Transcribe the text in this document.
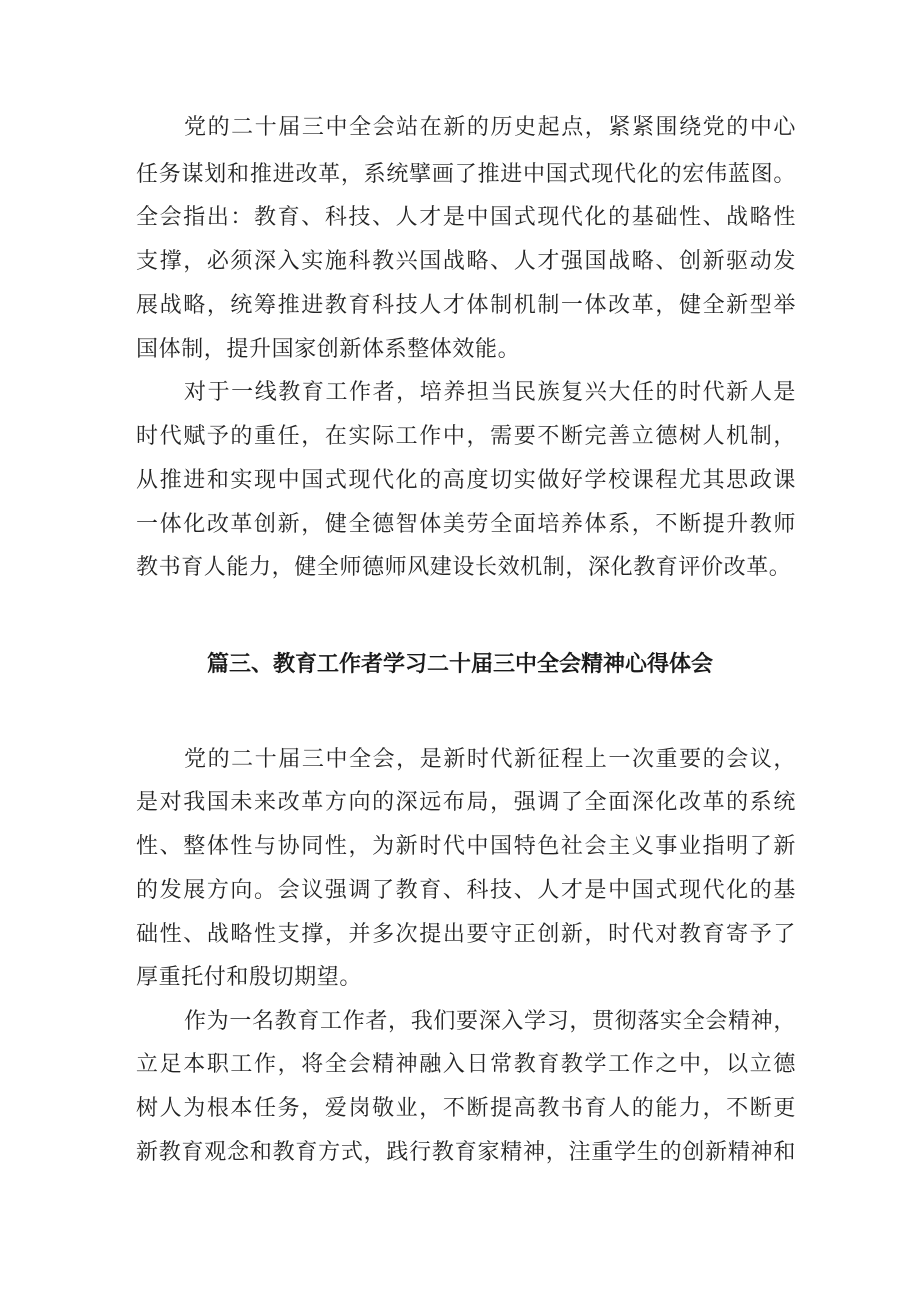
党的二十届三中全会站在新的历史起点，紧紧围绕党的中心
任务谋划和推进改革，系统擘画了推进中国式现代化的宏伟蓝图。
全会指出：教育、科技、人才是中国式现代化的基础性、战略性
支撑，必须深入实施科教兴国战略、人才强国战略、创新驱动发
展战略，统筹推进教育科技人才体制机制一体改革，健全新型举
国体制，提升国家创新体系整体效能。
对于一线教育工作者，培养担当民族复兴大任的时代新人是
时代赋予的重任，在实际工作中，需要不断完善立德树人机制，
从推进和实现中国式现代化的高度切实做好学校课程尤其思政课
一体化改革创新，健全德智体美劳全面培养体系，不断提升教师
教书育人能力，健全师德师风建设长效机制，深化教育评价改革。
篇三、教育工作者学习二十届三中全会精神心得体会
党的二十届三中全会，是新时代新征程上一次重要的会议，
是对我国未来改革方向的深远布局，强调了全面深化改革的系统
性、整体性与协同性，为新时代中国特色社会主义事业指明了新
的发展方向。会议强调了教育、科技、人才是中国式现代化的基
础性、战略性支撑，并多次提出要守正创新，时代对教育寄予了
厚重托付和殷切期望。
作为一名教育工作者，我们要深入学习，贯彻落实全会精神，
立足本职工作，将全会精神融入日常教育教学工作之中，以立德
树人为根本任务，爱岗敬业，不断提高教书育人的能力，不断更
新教育观念和教育方式，践行教育家精神，注重学生的创新精神和
